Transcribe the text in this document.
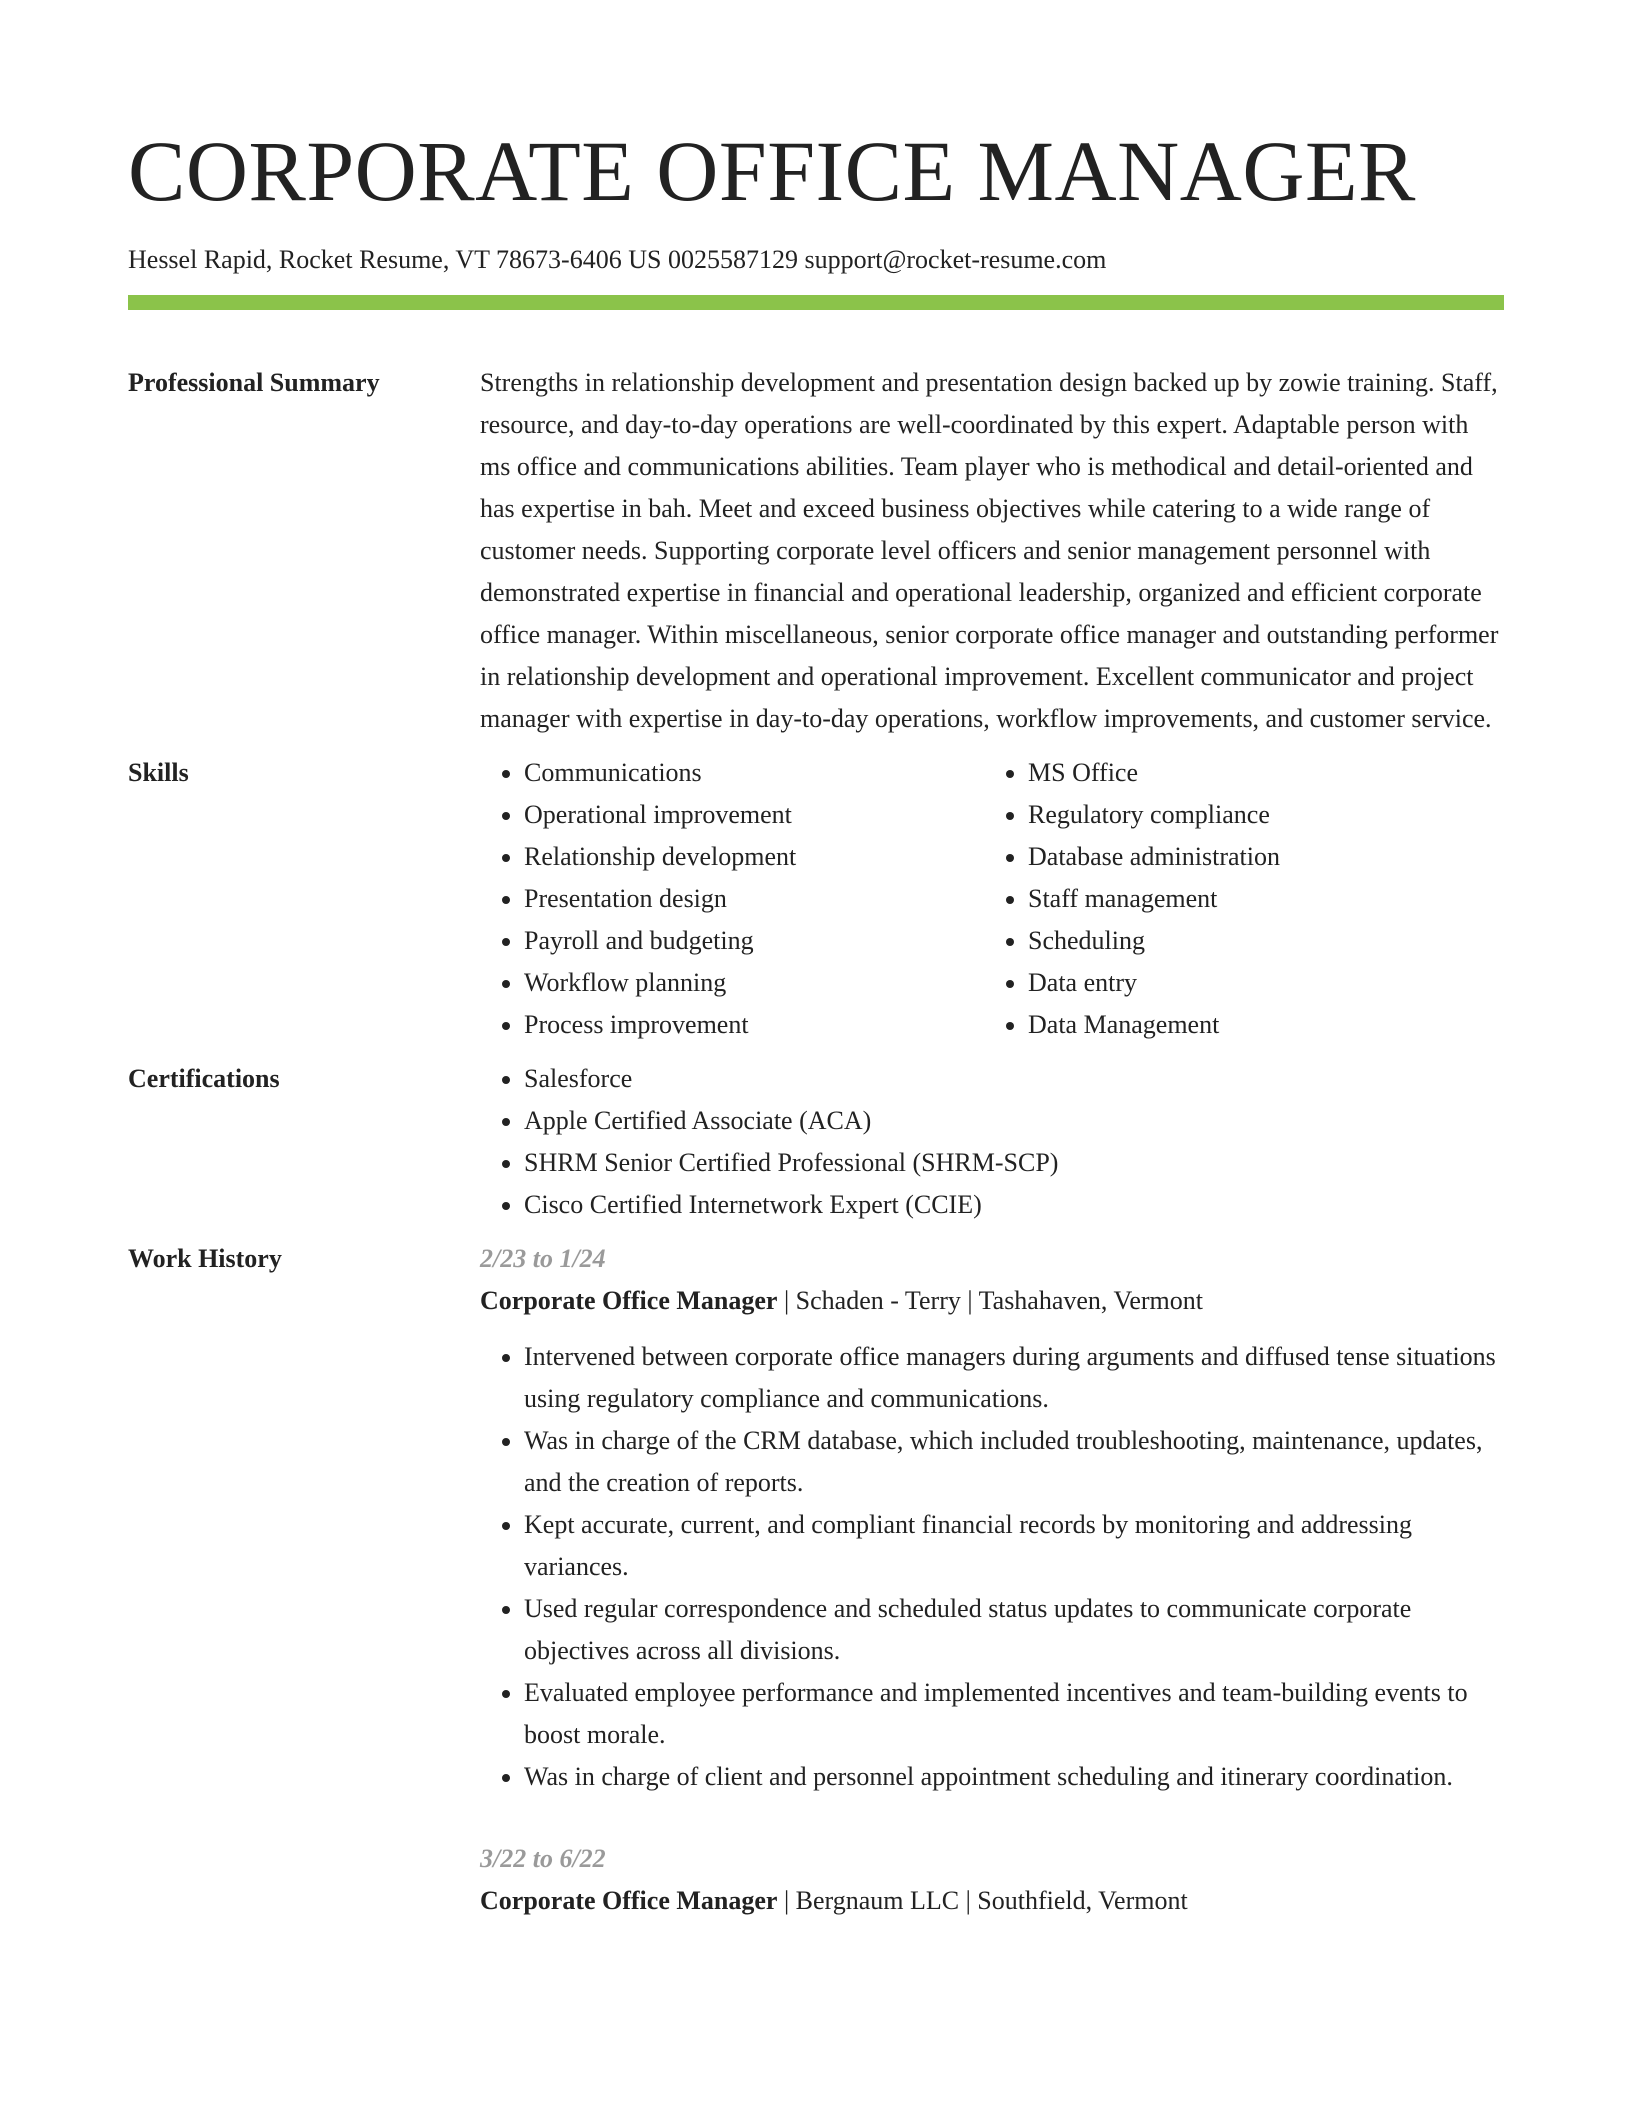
CORPORATE OFFICE MANAGER
Hessel Rapid, Rocket Resume, VT 78673-6406 US 0025587129 support@rocket-resume.com
Professional Summary	Strengths in relationship development and presentation design backed up by zowie training. Staff, resource, and day-to-day operations are well-coordinated by this expert. Adaptable person with ms office and communications abilities. Team player who is methodical and detail-oriented and has expertise in bah. Meet and exceed business objectives while catering to a wide range of customer needs. Supporting corporate level officers and senior management personnel with demonstrated expertise in financial and operational leadership, organized and efficient corporate office manager. Within miscellaneous, senior corporate office manager and outstanding performer in relationship development and operational improvement. Excellent communicator and project manager with expertise in day-to-day operations, workflow improvements, and customer service.

Skills	• Communications
• Operational improvement
• Relationship development
• Presentation design
• Payroll and budgeting
• Workflow planning
• Process improvement
• MS Office
• Regulatory compliance
• Database administration
• Staff management
• Scheduling
• Data entry
• Data Management
Certifications	• Salesforce
• Apple Certified Associate (ACA)
• SHRM Senior Certified Professional (SHRM-SCP)
• Cisco Certified Internetwork Expert (CCIE)
Work History	2/23 to 1/24
Corporate Office Manager | Schaden - Terry | Tashahaven, Vermont
• Intervened between corporate office managers during arguments and diffused tense situations using regulatory compliance and communications.
• Was in charge of the CRM database, which included troubleshooting, maintenance, updates, and the creation of reports.
• Kept accurate, current, and compliant financial records by monitoring and addressing variances.
• Used regular correspondence and scheduled status updates to communicate corporate objectives across all divisions.
• Evaluated employee performance and implemented incentives and team-building events to boost morale.
• Was in charge of client and personnel appointment scheduling and itinerary coordination.
3/22 to 6/22
Corporate Office Manager | Bergnaum LLC | Southfield, Vermont
